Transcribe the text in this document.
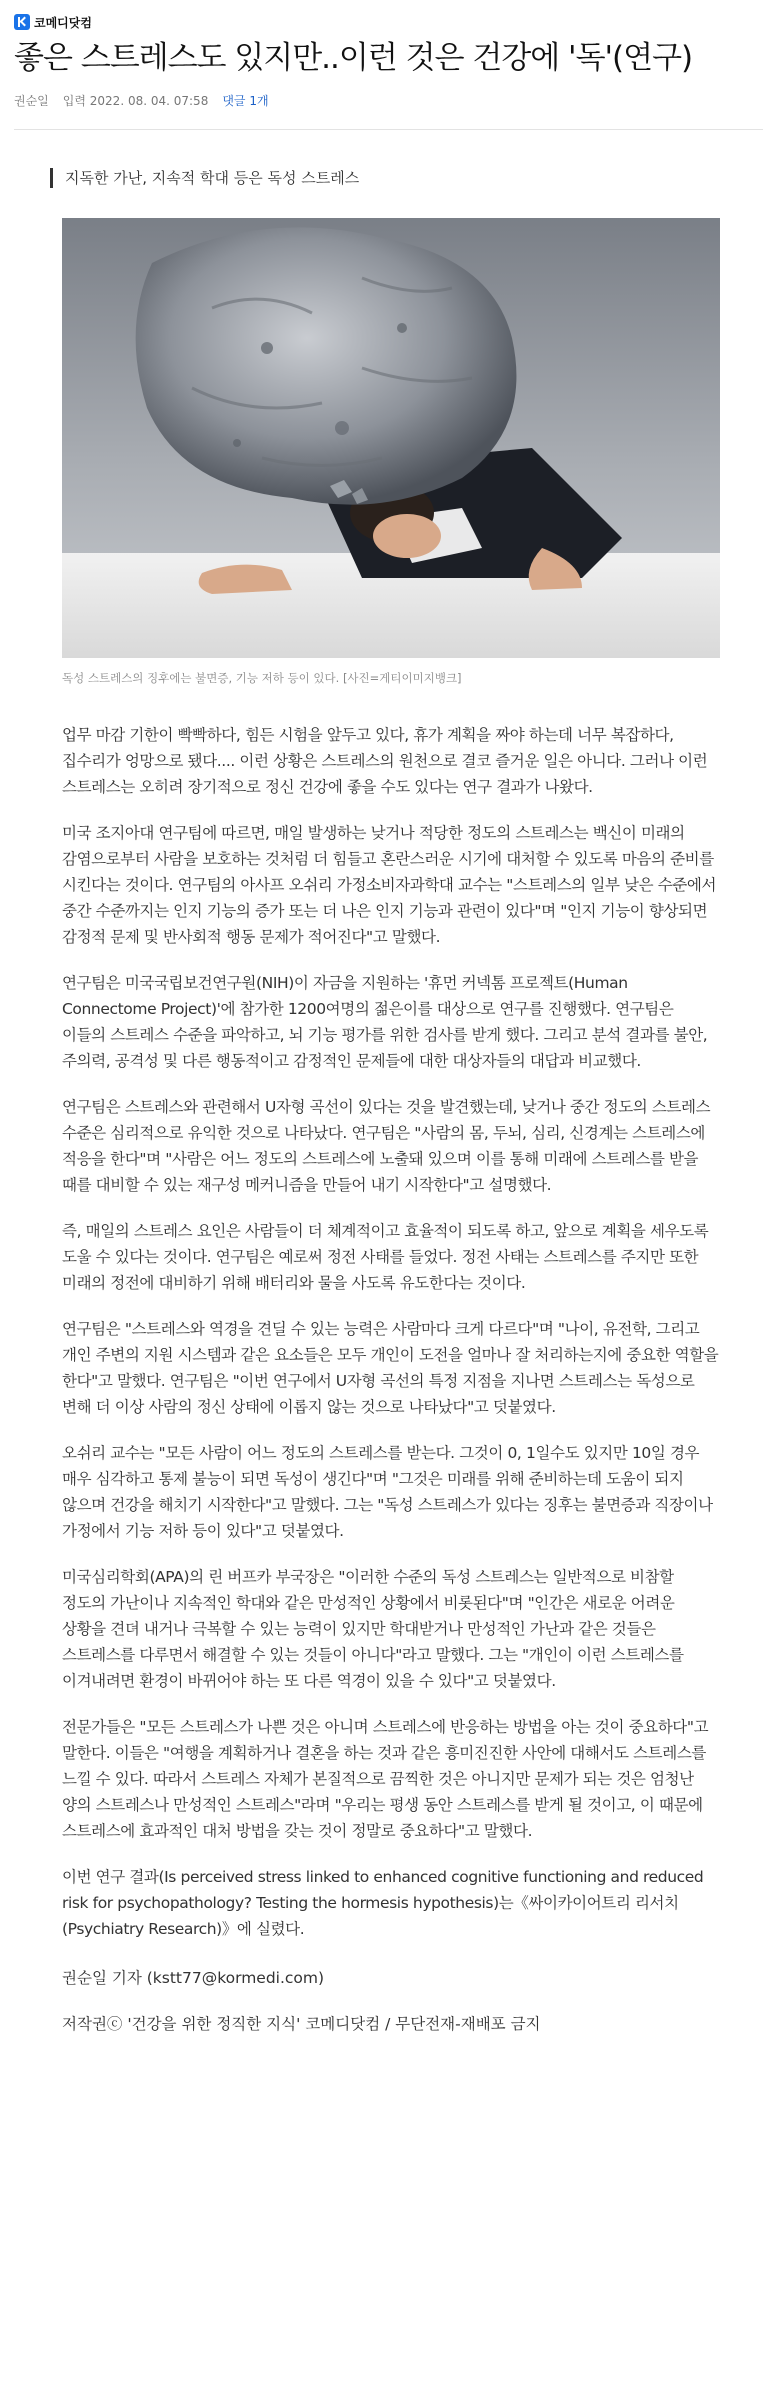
코메디닷컴
좋은 스트레스도 있지만..이런 것은 건강에 '독'(연구)
권순일 입력 2022. 08. 04. 07:58 댓글 1개
지독한 가난, 지속적 학대 등은 독성 스트레스
독성 스트레스의 징후에는 불면증, 기능 저하 등이 있다. [사진=게티이미지뱅크]

업무 마감 기한이 빡빡하다, 힘든 시험을 앞두고 있다, 휴가 계획을 짜야 하는데 너무 복잡하다, 집수리가 엉망으로 됐다.... 이런 상황은 스트레스의 원천으로 결코 즐거운 일은 아니다. 그러나 이런 스트레스는 오히려 장기적으로 정신 건강에 좋을 수도 있다는 연구 결과가 나왔다.

미국 조지아대 연구팀에 따르면, 매일 발생하는 낮거나 적당한 정도의 스트레스는 백신이 미래의 감염으로부터 사람을 보호하는 것처럼 더 힘들고 혼란스러운 시기에 대처할 수 있도록 마음의 준비를 시킨다는 것이다. 연구팀의 아사프 오쉬리 가정소비자과학대 교수는 "스트레스의 일부 낮은 수준에서 중간 수준까지는 인지 기능의 증가 또는 더 나은 인지 기능과 관련이 있다"며 "인지 기능이 향상되면 감정적 문제 및 반사회적 행동 문제가 적어진다"고 말했다.

연구팀은 미국국립보건연구원(NIH)이 자금을 지원하는 '휴먼 커넥톰 프로젝트(Human Connectome Project)'에 참가한 1200여명의 젊은이를 대상으로 연구를 진행했다. 연구팀은 이들의 스트레스 수준을 파악하고, 뇌 기능 평가를 위한 검사를 받게 했다. 그리고 분석 결과를 불안, 주의력, 공격성 및 다른 행동적이고 감정적인 문제들에 대한 대상자들의 대답과 비교했다.

연구팀은 스트레스와 관련해서 U자형 곡선이 있다는 것을 발견했는데, 낮거나 중간 정도의 스트레스 수준은 심리적으로 유익한 것으로 나타났다. 연구팀은 "사람의 몸, 두뇌, 심리, 신경계는 스트레스에 적응을 한다"며 "사람은 어느 정도의 스트레스에 노출돼 있으며 이를 통해 미래에 스트레스를 받을 때를 대비할 수 있는 재구성 메커니즘을 만들어 내기 시작한다"고 설명했다.

즉, 매일의 스트레스 요인은 사람들이 더 체계적이고 효율적이 되도록 하고, 앞으로 계획을 세우도록 도울 수 있다는 것이다. 연구팀은 예로써 정전 사태를 들었다. 정전 사태는 스트레스를 주지만 또한 미래의 정전에 대비하기 위해 배터리와 물을 사도록 유도한다는 것이다.

연구팀은 "스트레스와 역경을 견딜 수 있는 능력은 사람마다 크게 다르다"며 "나이, 유전학, 그리고 개인 주변의 지원 시스템과 같은 요소들은 모두 개인이 도전을 얼마나 잘 처리하는지에 중요한 역할을 한다"고 말했다. 연구팀은 "이번 연구에서 U자형 곡선의 특정 지점을 지나면 스트레스는 독성으로 변해 더 이상 사람의 정신 상태에 이롭지 않는 것으로 나타났다"고 덧붙였다.

오쉬리 교수는 "모든 사람이 어느 정도의 스트레스를 받는다. 그것이 0, 1일수도 있지만 10일 경우 매우 심각하고 통제 불능이 되면 독성이 생긴다"며 "그것은 미래를 위해 준비하는데 도움이 되지 않으며 건강을 해치기 시작한다"고 말했다. 그는 "독성 스트레스가 있다는 징후는 불면증과 직장이나 가정에서 기능 저하 등이 있다"고 덧붙였다.

미국심리학회(APA)의 린 버프카 부국장은 "이러한 수준의 독성 스트레스는 일반적으로 비참할 정도의 가난이나 지속적인 학대와 같은 만성적인 상황에서 비롯된다"며 "인간은 새로운 어려운 상황을 견뎌 내거나 극복할 수 있는 능력이 있지만 학대받거나 만성적인 가난과 같은 것들은 스트레스를 다루면서 해결할 수 있는 것들이 아니다"라고 말했다. 그는 "개인이 이런 스트레스를 이겨내려면 환경이 바뀌어야 하는 또 다른 역경이 있을 수 있다"고 덧붙였다.

전문가들은 "모든 스트레스가 나쁜 것은 아니며 스트레스에 반응하는 방법을 아는 것이 중요하다"고 말한다. 이들은 "여행을 계획하거나 결혼을 하는 것과 같은 흥미진진한 사안에 대해서도 스트레스를 느낄 수 있다. 따라서 스트레스 자체가 본질적으로 끔찍한 것은 아니지만 문제가 되는 것은 엄청난 양의 스트레스나 만성적인 스트레스"라며 "우리는 평생 동안 스트레스를 받게 될 것이고, 이 때문에 스트레스에 효과적인 대처 방법을 갖는 것이 정말로 중요하다"고 말했다.

이번 연구 결과(Is perceived stress linked to enhanced cognitive functioning and reduced risk for psychopathology? Testing the hormesis hypothesis)는《싸이카이어트리 리서치(Psychiatry Research)》에 실렸다.

권순일 기자 (kstt77@kormedi.com)
저작권ⓒ '건강을 위한 정직한 지식' 코메디닷컴 / 무단전재-재배포 금지
